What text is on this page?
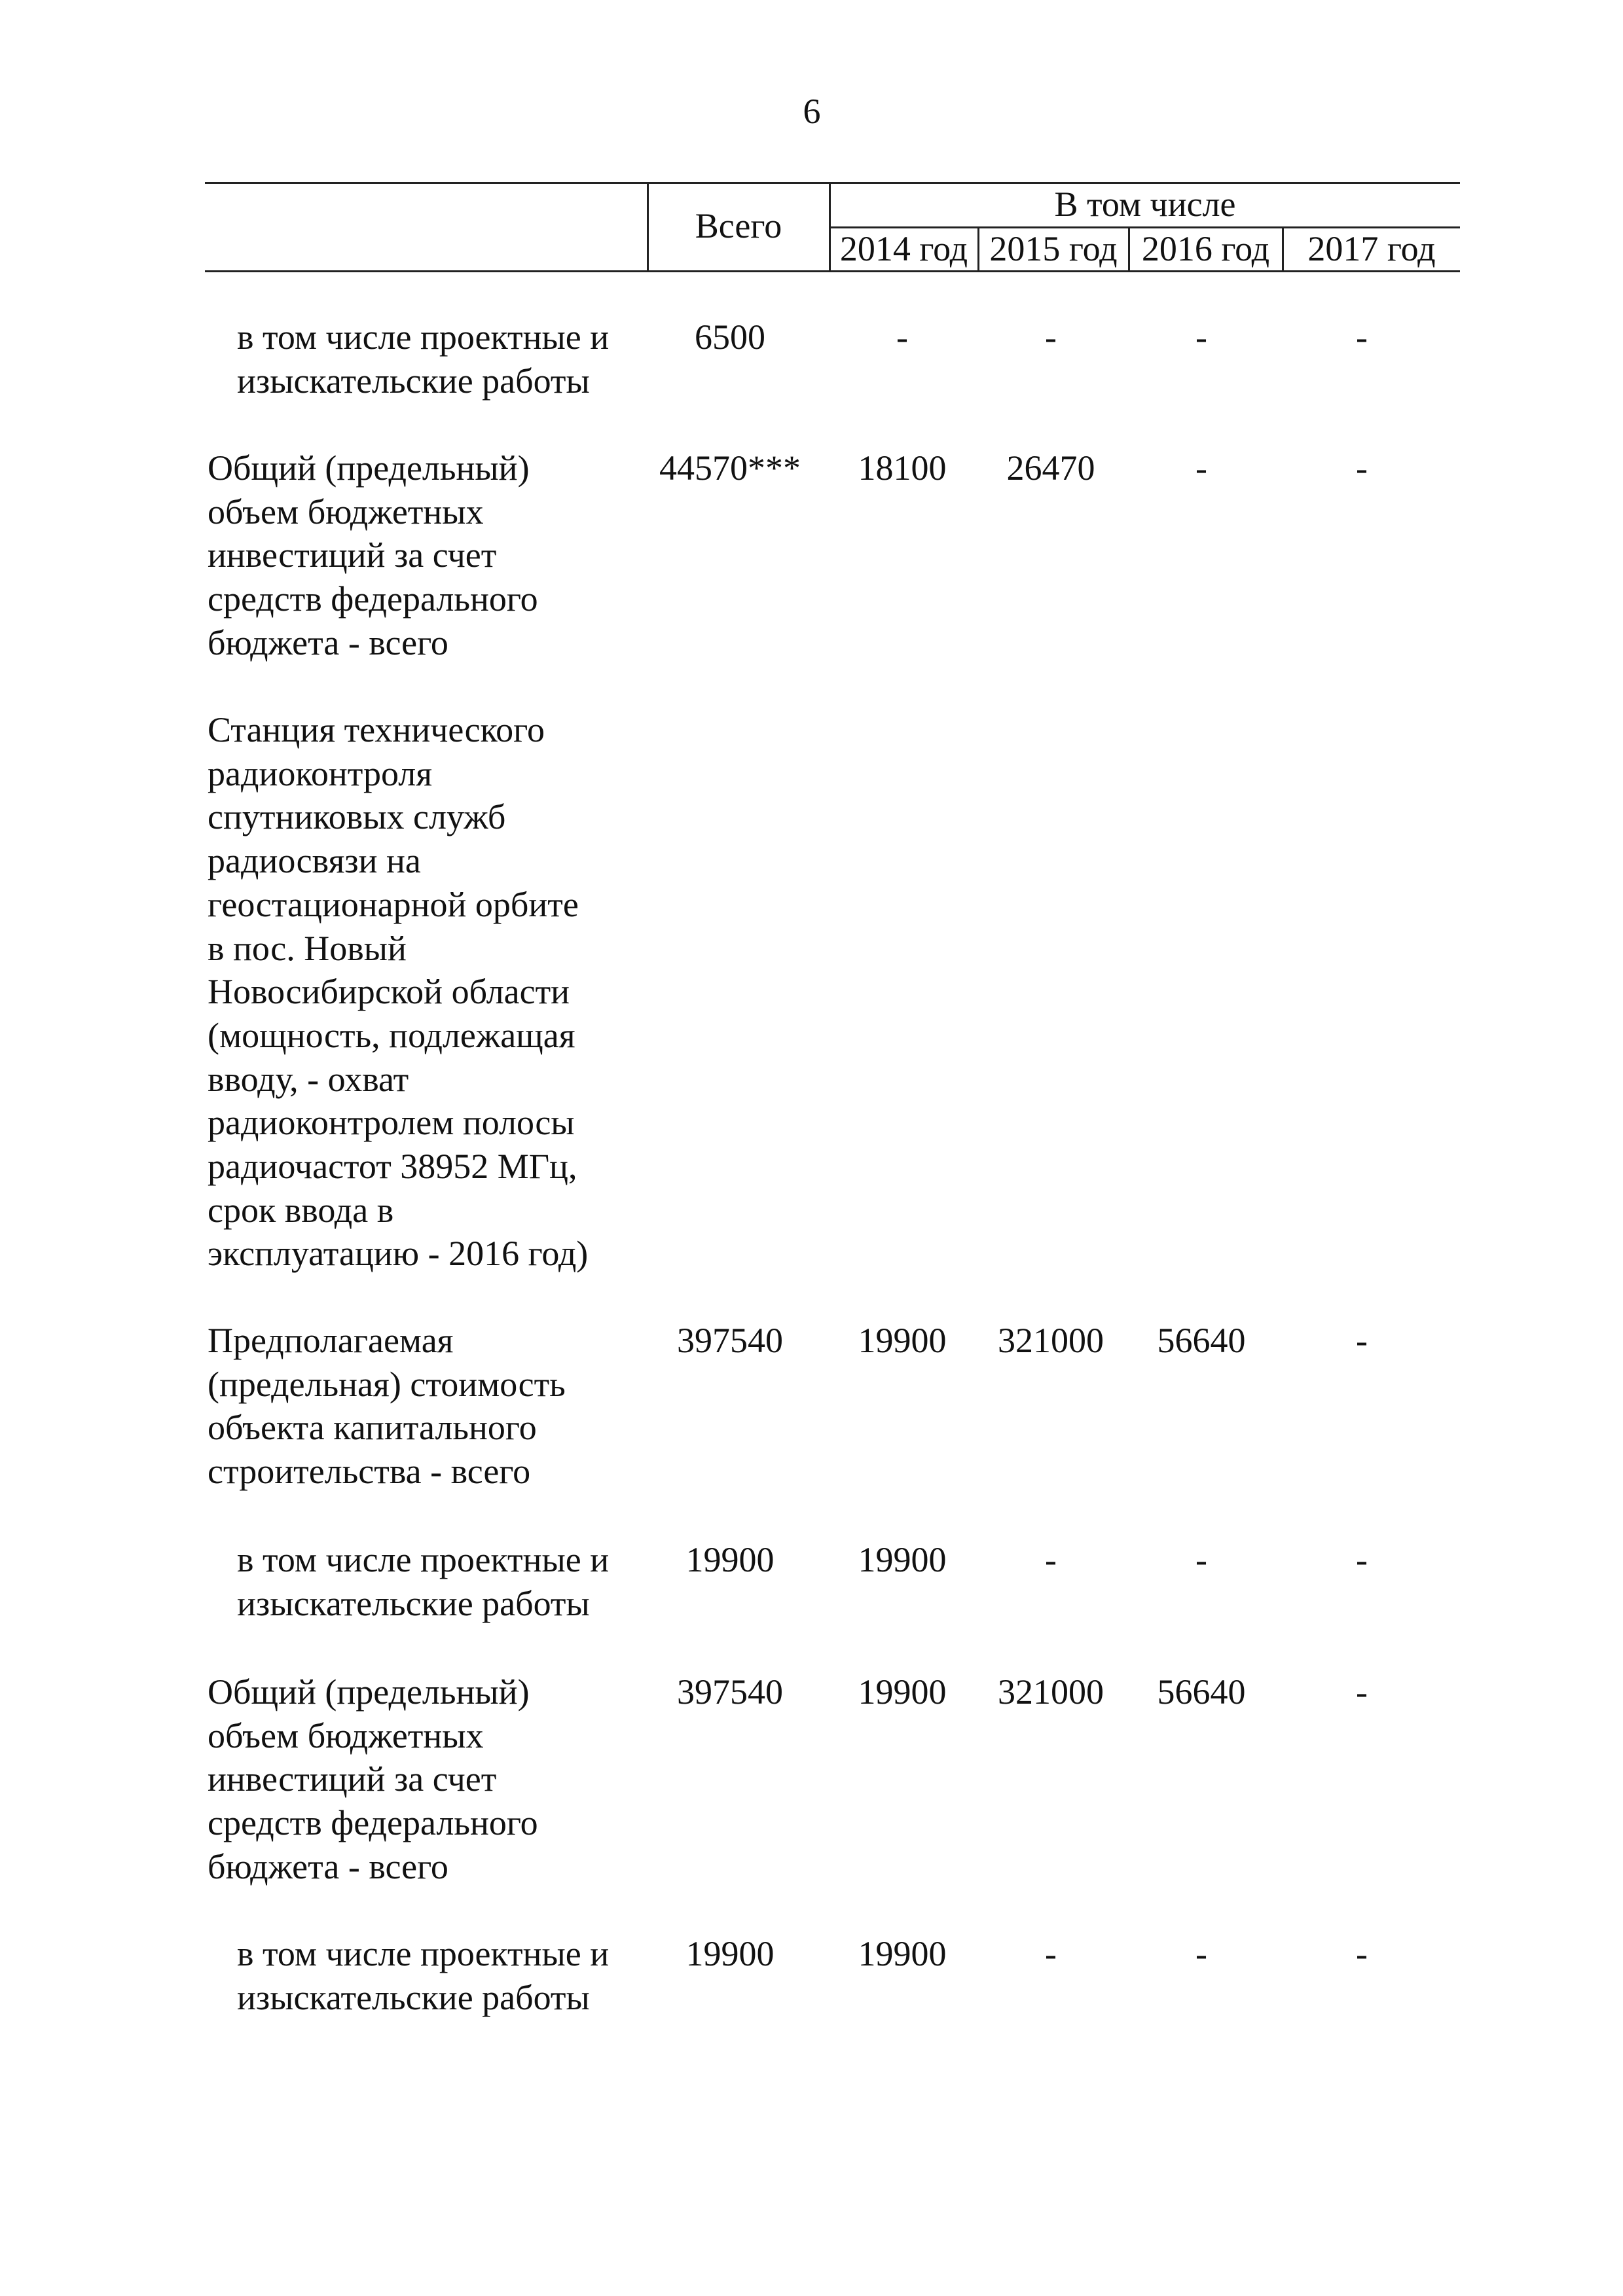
6
Всего
В том числе
2014 год 2015 год 2016 год	2017 год
в том числе проектные и
изыскательские работы
6500	-	-	-	-
Общий (предельный)
объем бюджетных
инвестиций за счет
средств федерального
бюджета - всего
44570***	18100	26470	-	-
Станция технического
радиоконтроля
спутниковых служб
радиосвязи на
геостационарной орбите
в пос. Новый
Новосибирской области
(мощность, подлежащая
вводу, - охват
радиоконтролем полосы
радиочастот 38952 МГц,
срок ввода в
эксплуатацию - 2016 год)
Предполагаемая
(предельная) стоимость
объекта капитального
строительства - всего
397540	19900	321000	56640	-
в том числе проектные и
изыскательские работы
19900	19900	-	-	-
Общий (предельный)
объем бюджетных
инвестиций за счет
средств федерального
бюджета - всего
397540	19900	321000	56640	-
в том числе проектные и
изыскательские работы
19900	19900	-	-	-
